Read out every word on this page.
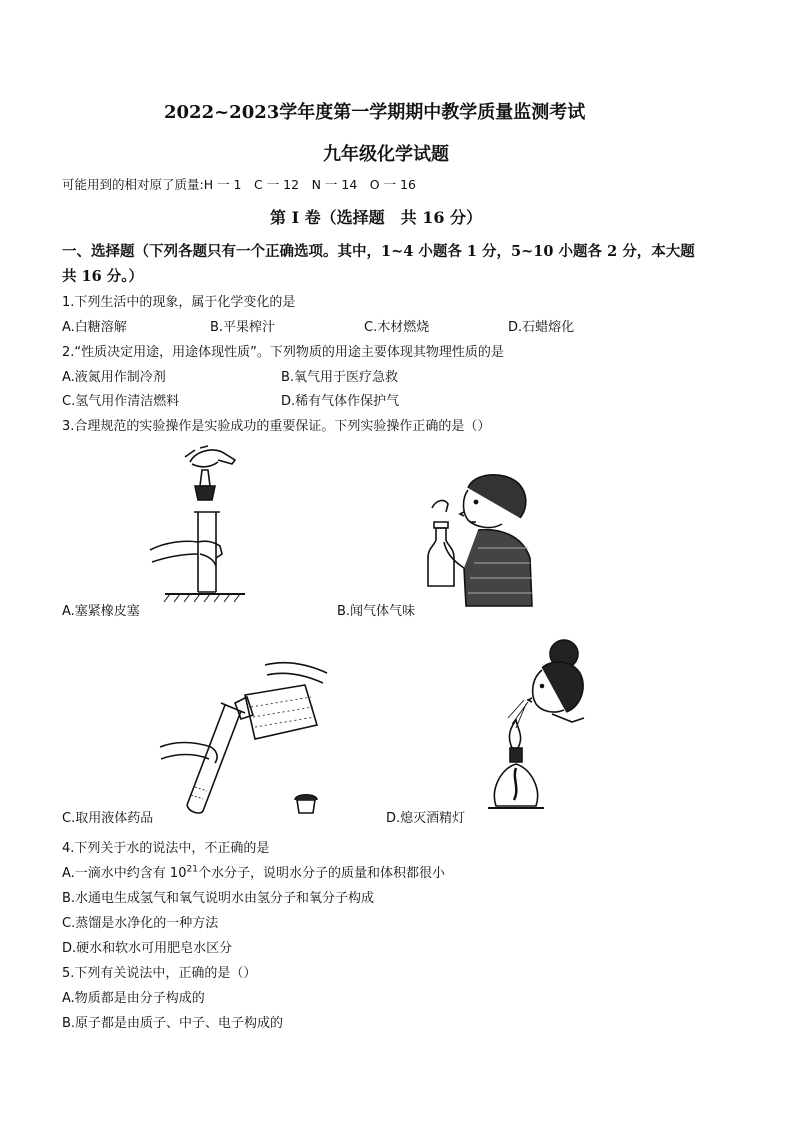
2022~2023学年度第一学期期中教学质量监测考试
九年级化学试题
可能用到的相对原了质量:H 一 1　C 一 12　N 一 14　O 一 16
第 I 卷（选择题　共 16 分）
一、选择题（下列各题只有一个正确选项。其中，1~4 小题各 1 分，5~10 小题各 2 分，本大题
共 16 分。）
1.下列生活中的现象，属于化学变化的是
A.白糖溶解	B.平果榨汁	C.木材燃烧	D.石蜡熔化
2.“性质决定用途，用途体现性质”。下列物质的用途主要体现其物理性质的是
A.液氮用作制冷剂	B.氧气用于医疗急救
C.氢气用作清洁燃料	D.稀有气体作保护气
3.合理规范的实验操作是实验成功的重要保证。下列实验操作正确的是（）
A.塞紧橡皮塞	B.闻气体气味
C.取用液体药品	D.熄灭酒精灯
4.下列关于水的说法中，不正确的是
A.一滴水中约含有 $10^{21}$个水分子，说明水分子的质量和体积都很小
B.水通电生成氢气和氧气说明水由氢分子和氧分子构成
C.蒸馏是水净化的一种方法
D.硬水和软水可用肥皂水区分
5.下列有关说法中，正确的是（）
A.物质都是由分子构成的
B.原子都是由质子、中子、电子构成的
